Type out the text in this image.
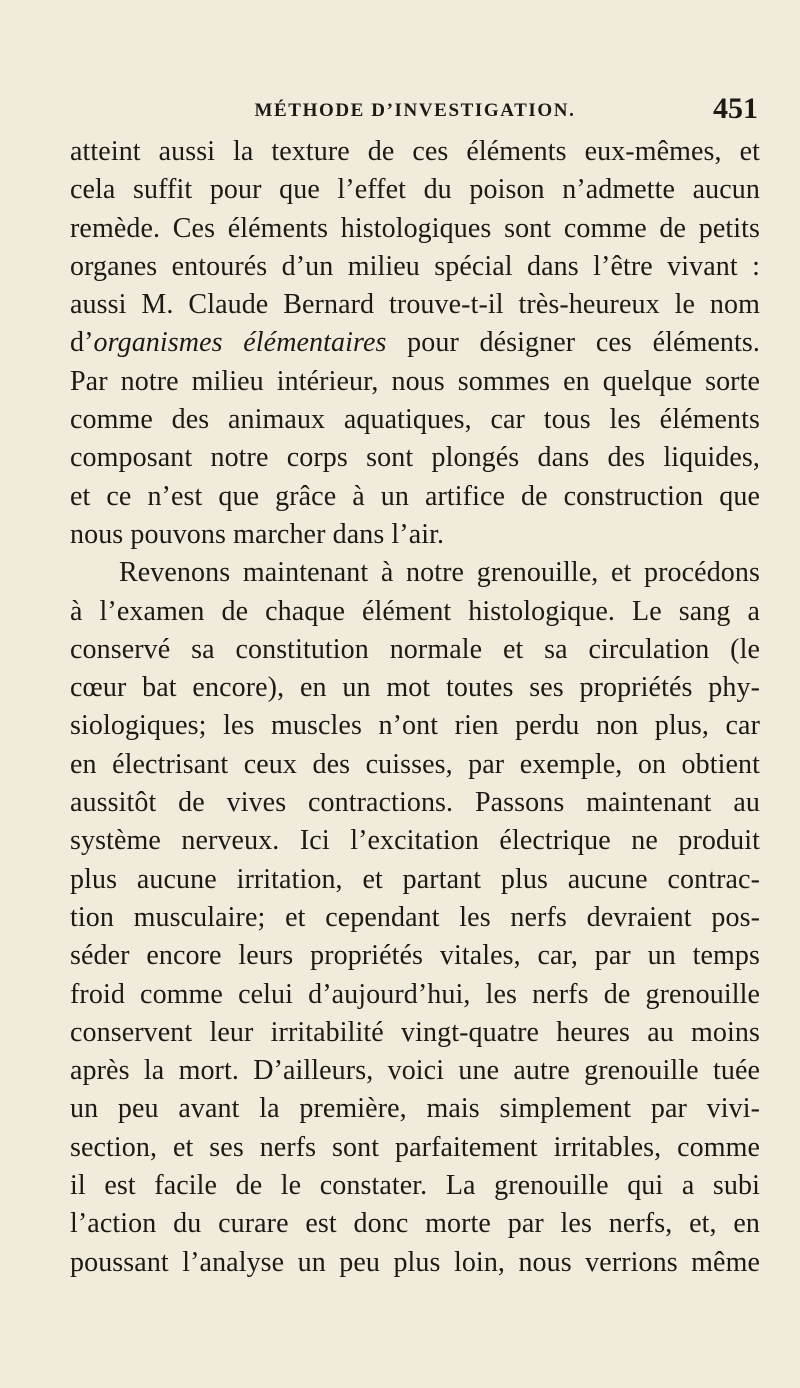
MÉTHODE D’INVESTIGATION.	451
atteint aussi la texture de ces éléments eux-mêmes, et
cela suffit pour que l’effet du poison n’admette aucun
remède. Ces éléments histologiques sont comme de petits
organes entourés d’un milieu spécial dans l’être vivant :
aussi M. Claude Bernard trouve-t-il très-heureux le nom
d’organismes élémentaires pour désigner ces éléments.
Par notre milieu intérieur, nous sommes en quelque sorte
comme des animaux aquatiques, car tous les éléments
composant notre corps sont plongés dans des liquides,
et ce n’est que grâce à un artifice de construction que
nous pouvons marcher dans l’air.
Revenons maintenant à notre grenouille, et procédons
à l’examen de chaque élément histologique. Le sang a
conservé sa constitution normale et sa circulation (le
cœur bat encore), en un mot toutes ses propriétés phy-
siologiques; les muscles n’ont rien perdu non plus, car
en électrisant ceux des cuisses, par exemple, on obtient
aussitôt de vives contractions. Passons maintenant au
système nerveux. Ici l’excitation électrique ne produit
plus aucune irritation, et partant plus aucune contrac-
tion musculaire; et cependant les nerfs devraient pos-
séder encore leurs propriétés vitales, car, par un temps
froid comme celui d’aujourd’hui, les nerfs de grenouille
conservent leur irritabilité vingt-quatre heures au moins
après la mort. D’ailleurs, voici une autre grenouille tuée
un peu avant la première, mais simplement par vivi-
section, et ses nerfs sont parfaitement irritables, comme
il est facile de le constater. La grenouille qui a subi
l’action du curare est donc morte par les nerfs, et, en
poussant l’analyse un peu plus loin, nous verrions même
